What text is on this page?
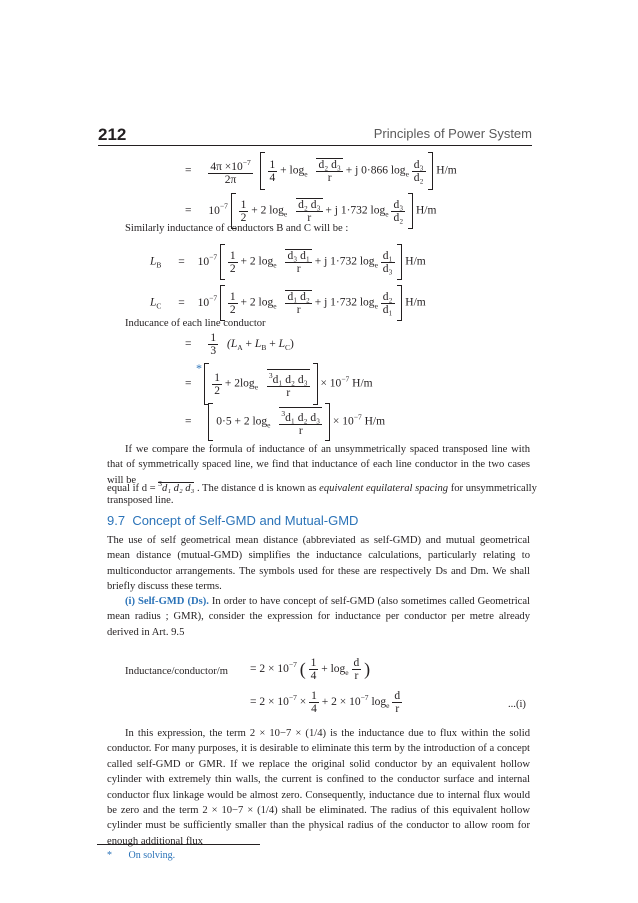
212	Principles of Power System
= $\frac{4\pi \times 10^{-7}}{2\pi}$
$\frac{1}{4} + \log_e \frac{\text{d₂ d₃}}{r} + j$ 0·866 $\log_e \frac{\text{d₃}}{\text{d₂}} H/m$
= $10^{-7} \frac{1}{2} + 2$ $\log_e \frac{\text{d₂ d₃}}{r} + j$ 1·732 $\log_e \frac{\text{d₃}}{\text{d₂}} H/m$
Similarly inductance of conductors B and C will be :
$L_B = 10^{-7} \frac{1}{2} + 2$ $\log_e \frac{\text{d₃ d₁}}{r} + j$ 1·732 $\log_e \frac{\text{d₁}}{\text{d₃}} H/m$
$L_C = 10^{-7} \frac{1}{2} + 2$ $\log_e \frac{\text{d₁ d₂}}{r} + j$ 1·732 $\log_e \frac{\text{d₂}}{\text{d₁}} H/m$
Inducance of each line conductor
= $\frac{1}{3} (L_A + L_B + L_C)$
=
*

$\frac{1}{2} + 2\log_e \frac{^3d_1 d_2 d_3}{r} \times 10^{-7}$ H/m
= 0·5 + 2 $\log_e \frac{^3d_1 d_2 d_3}{r} \times 10^{-7}$ H/m
If we compare the formula of inductance of an unsymmetrically spaced transposed line with that of symmetrically spaced line, we find that inductance of each line conductor in the two cases will be
equal if d = $^3$d₁ d₂ d₃ . The distance d is known as equivalent equilateral spacing for unsymmetrically
transposed line.
9.7 Concept of Self-GMD and Mutual-GMD
The use of self geometrical mean distance (abbreviated as self-GMD) and mutual geometrical mean distance (mutual-GMD) simplifies the inductance calculations, particularly relating to multiconductor arrangements. The symbols used for these are respectively Ds and Dm. We shall briefly discuss these terms.
(i) Self-GMD (Ds). In order to have concept of self-GMD (also sometimes called Geometrical mean radius ; GMR), consider the expression for inductance per conductor per metre already derived in Art. 9.5
Inductance/conductor/m = $2 \times 10^{-7}$ ( $\frac{1}{4} + \log_e \frac{d}{r}$ )
= $2 \times 10^{-7} \times \frac{1}{4} + 2 \times 10^{-7}$ $\log_e \frac{d}{r}$	...(i)
In this expression, the term 2 × 10−7 × (1/4) is the inductance due to flux within the solid conductor. For many purposes, it is desirable to eliminate this term by the introduction of a concept called self-GMD or GMR. If we replace the original solid conductor by an equivalent hollow cylinder with extremely thin walls, the current is confined to the conductor surface and internal conductor flux linkage would be almost zero. Consequently, inductance due to internal flux would be zero and the term 2 × 10−7 × (1/4) shall be eliminated. The radius of this equivalent hollow cylinder must be sufficiently smaller than the physical radius of the conductor to allow room for enough additional flux
* On solving.
